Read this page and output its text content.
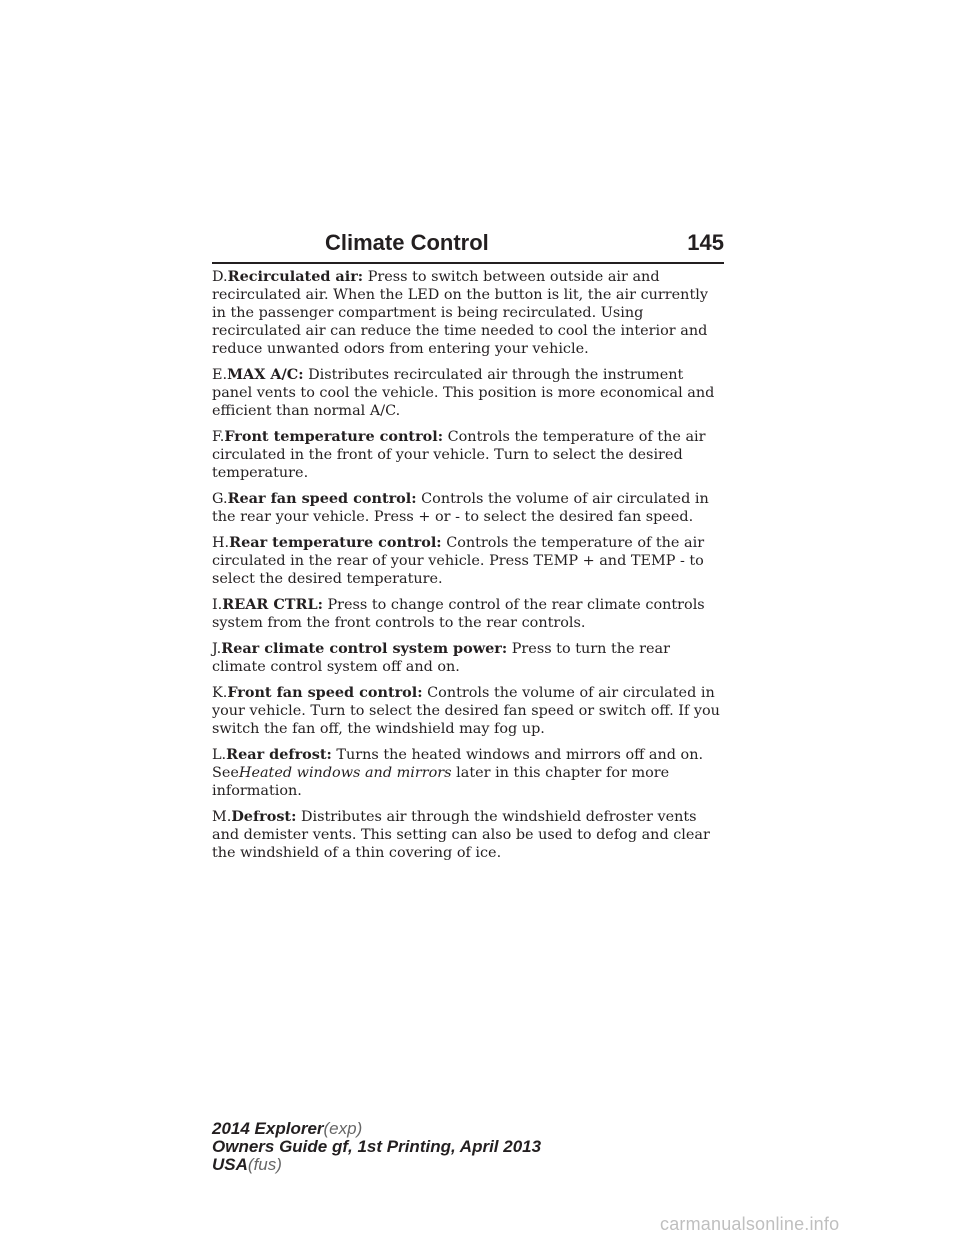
Climate Control	145

D.Recirculated air: Press to switch between outside air and recirculated air. When the LED on the button is lit, the air currently in the passenger compartment is being recirculated. Using recirculated air can reduce the time needed to cool the interior and reduce unwanted odors from entering your vehicle.

E.MAX A/C: Distributes recirculated air through the instrument panel vents to cool the vehicle. This position is more economical and efficient than normal A/C.

F.Front temperature control: Controls the temperature of the air circulated in the front of your vehicle. Turn to select the desired temperature.

G.Rear fan speed control: Controls the volume of air circulated in the rear your vehicle. Press + or - to select the desired fan speed.

H.Rear temperature control: Controls the temperature of the air circulated in the rear of your vehicle. Press TEMP + and TEMP - to select the desired temperature.

I.REAR CTRL: Press to change control of the rear climate controls system from the front controls to the rear controls.

J.Rear climate control system power: Press to turn the rear climate control system off and on.

K.Front fan speed control: Controls the volume of air circulated in your vehicle. Turn to select the desired fan speed or switch off. If you switch the fan off, the windshield may fog up.

L.Rear defrost: Turns the heated windows and mirrors off and on.
SeeHeated windows and mirrors later in this chapter for more information.

M.Defrost: Distributes air through the windshield defroster vents and demister vents. This setting can also be used to defog and clear the windshield of a thin covering of ice.

2014 Explorer(exp)
Owners Guide gf, 1st Printing, April 2013
USA(fus)
carmanualsonline.info
